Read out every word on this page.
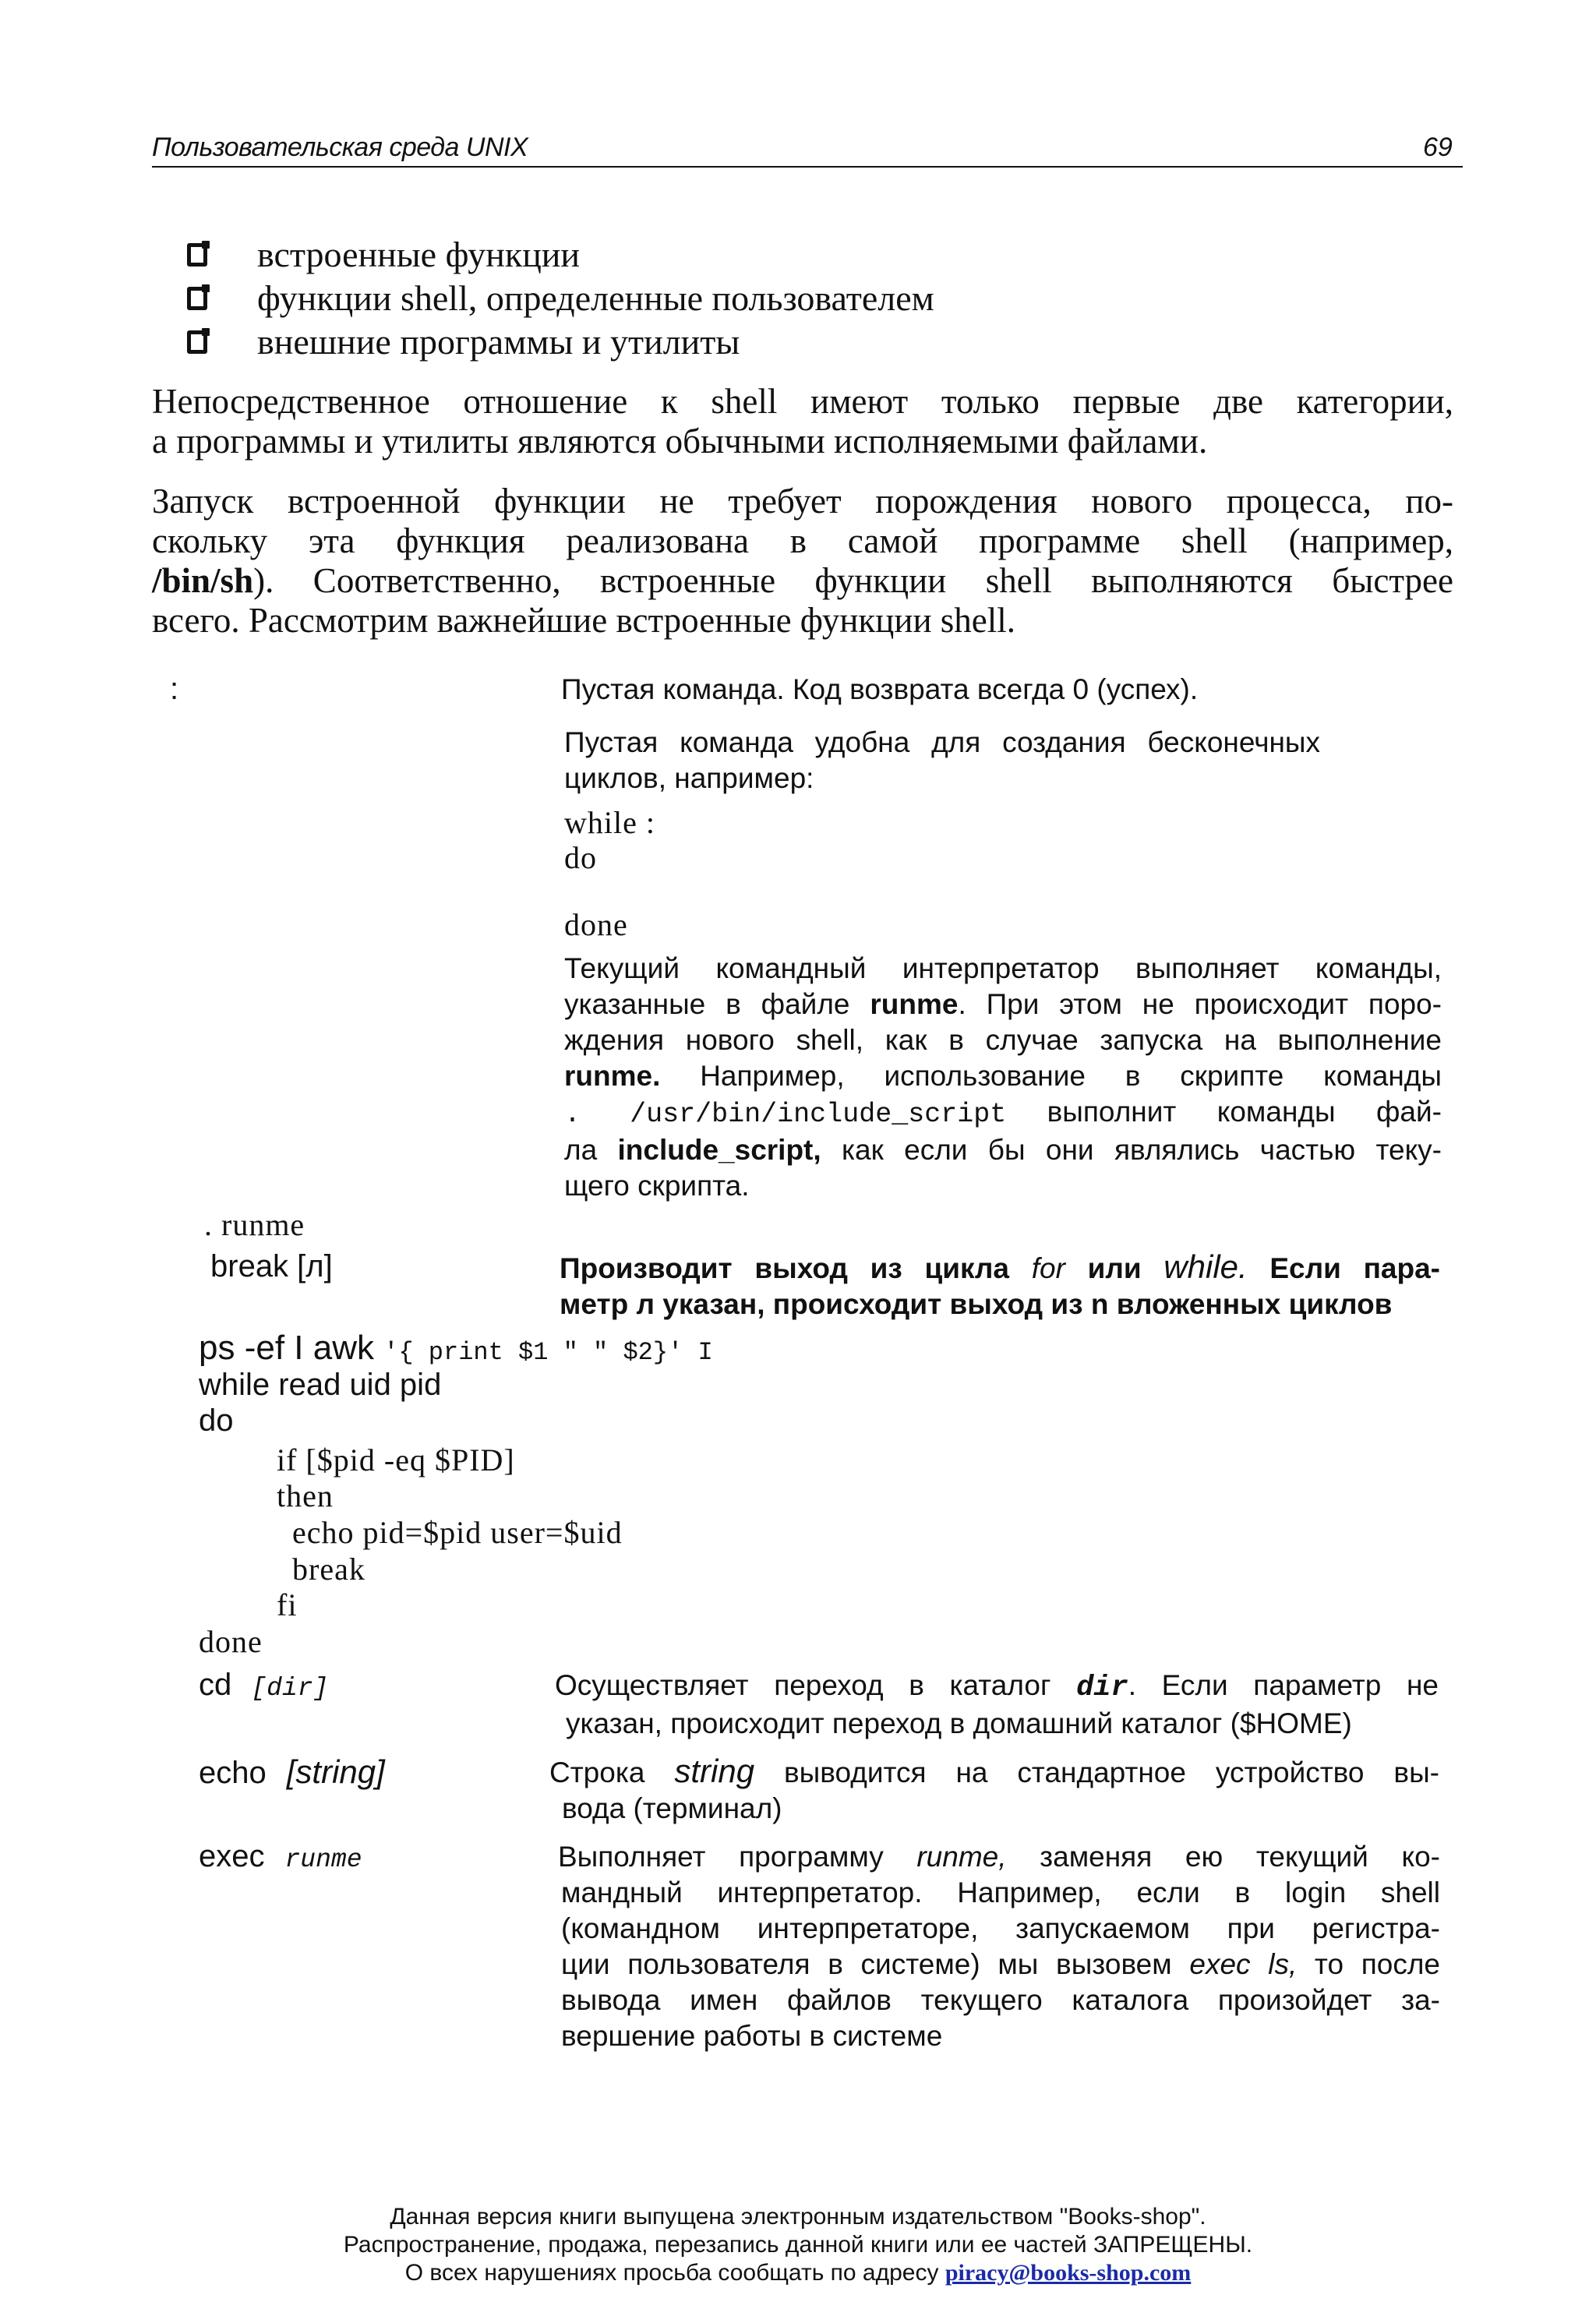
Пользовательская среда UNIX	69
встроенные функции
функции shell, определенные пользователем
внешние программы и утилиты
Непосредственное отношение к shell имеют только первые две категории,
а программы и утилиты являются обычными исполняемыми файлами.
Запуск встроенной функции не требует порождения нового процесса, по-
скольку эта функция реализована в самой программе shell (например,
/bin/sh). Соответственно, встроенные функции shell выполняются быстрее
всего. Рассмотрим важнейшие встроенные функции shell.
:	Пустая команда. Код возврата всегда 0 (успех).
Пустая команда удобна для создания бесконечных
циклов, например:
while :
do
done
Текущий командный интерпретатор выполняет команды,
указанные в файле runme. При этом не происходит поро-
ждения нового shell, как в случае запуска на выполнение
runme. Например, использование в скрипте команды
. /usr/bin/include_script выполнит команды фай-
ла include_script, как если бы они являлись частью теку-
щего скрипта.
. runme
break [л]	Производит выход из цикла for или while. Если пара-
метр л указан, происходит выход из n вложенных циклов
ps -ef I awk '{ print $1 " " $2}' I
while read uid pid
do
if [$pid -eq $PID]
then
echo pid=$pid user=$uid
break
fi
done
cd [dir]	Осуществляет переход в каталог dir. Если параметр не
указан, происходит переход в домашний каталог ($HOME)
echo [string]	Строка string выводится на стандартное устройство вы-
вода (терминал)
exec runme	Выполняет программу runme, заменяя ею текущий ко-
мандный интерпретатор. Например, если в login shell
(командном интерпретаторе, запускаемом при регистра-
ции пользователя в системе) мы вызовем exec ls, то после
вывода имен файлов текущего каталога произойдет за-
вершение работы в системе
Данная версия книги выпущена электронным издательством "Books-shop".
Распространение, продажа, перезапись данной книги или ее частей ЗАПРЕЩЕНЫ.
О всех нарушениях просьба сообщать по адресу piracy@books-shop.com
